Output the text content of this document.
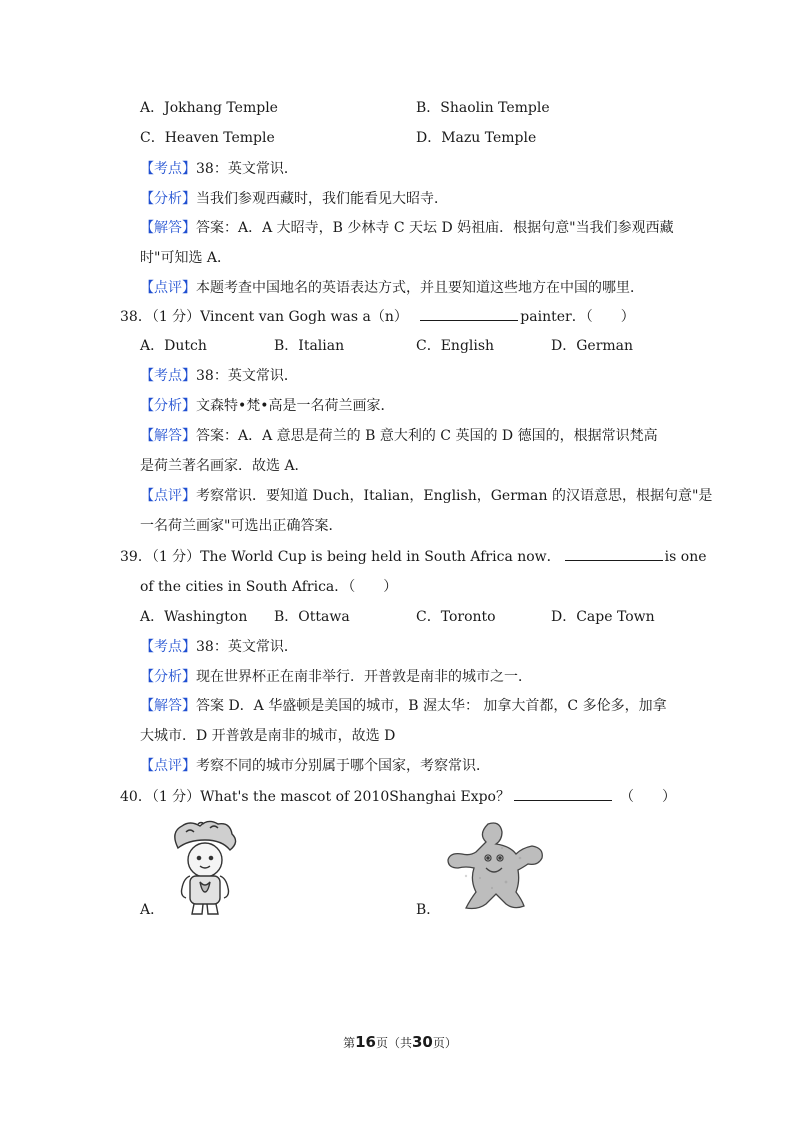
A．Jokhang Temple	B．Shaolin Temple
C．Heaven Temple	D．Mazu Temple
【考点】38：英文常识．
【分析】当我们参观西藏时，我们能看见大昭寺．
【解答】答案：A．A 大昭寺，B 少林寺 C 天坛 D 妈祖庙．根据句意"当我们参观西藏
时"可知选 A．
【点评】本题考查中国地名的英语表达方式，并且要知道这些地方在中国的哪里．
38．（1 分）Vincent van Gogh was a（n）	painter．（　　）
A．Dutch	B．Italian	C．English	D．German
【考点】38：英文常识．
【分析】文森特•梵•高是一名荷兰画家．
【解答】答案：A．A 意思是荷兰的 B 意大利的 C 英国的 D 德国的，根据常识梵高
是荷兰著名画家．故选 A．
【点评】考察常识．要知道 Duch，Italian，English，German 的汉语意思，根据句意"是
一名荷兰画家"可选出正确答案．
39．（1 分）The World Cup is being held in South Africa now．	is one
of the cities in South Africa．（　　）
A．Washington B．Ottawa	C．Toronto	D．Cape Town
【考点】38：英文常识．
【分析】现在世界杯正在南非举行．开普敦是南非的城市之一．
【解答】答案 D．A 华盛顿是美国的城市，B 渥太华： 加拿大首都，C 多伦多，加拿
大城市．D 开普敦是南非的城市，故选 D
【点评】考察不同的城市分别属于哪个国家，考察常识．
40．（1 分）What's the mascot of 2010Shanghai Expo？	（　　）
A．	B．
第16页（共30页）
